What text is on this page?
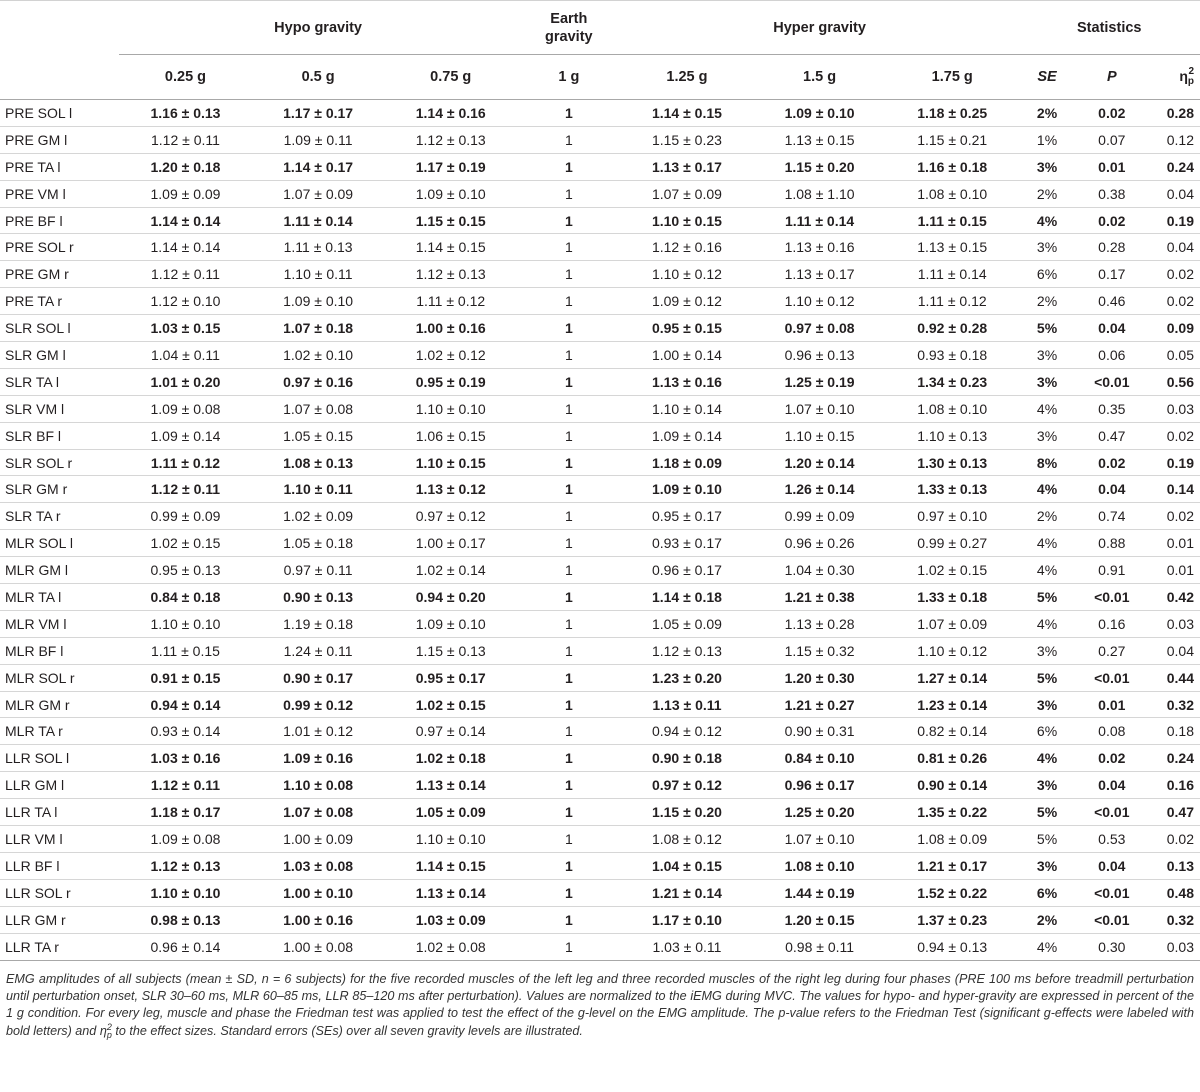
	Hypo gravity			Earth gravity	Hyper gravity			Statistics		
	0.25 g	0.5 g	0.75 g	1 g	1.25 g	1.5 g	1.75 g	SE	P	η 2
p

PRE SOL l	1.16 ± 0.13	1.17 ± 0.17	1.14 ± 0.16	1	1.14 ± 0.15	1.09 ± 0.10	1.18 ± 0.25	2%	0.02	0.28
PRE GM l	1.12 ± 0.11	1.09 ± 0.11	1.12 ± 0.13	1	1.15 ± 0.23	1.13 ± 0.15	1.15 ± 0.21	1%	0.07	0.12
PRE TA l	1.20 ± 0.18	1.14 ± 0.17	1.17 ± 0.19	1	1.13 ± 0.17	1.15 ± 0.20	1.16 ± 0.18	3%	0.01	0.24
PRE VM l	1.09 ± 0.09	1.07 ± 0.09	1.09 ± 0.10	1	1.07 ± 0.09	1.08 ± 1.10	1.08 ± 0.10	2%	0.38	0.04
PRE BF l	1.14 ± 0.14	1.11 ± 0.14	1.15 ± 0.15	1	1.10 ± 0.15	1.11 ± 0.14	1.11 ± 0.15	4%	0.02	0.19
PRE SOL r	1.14 ± 0.14	1.11 ± 0.13	1.14 ± 0.15	1	1.12 ± 0.16	1.13 ± 0.16	1.13 ± 0.15	3%	0.28	0.04
PRE GM r	1.12 ± 0.11	1.10 ± 0.11	1.12 ± 0.13	1	1.10 ± 0.12	1.13 ± 0.17	1.11 ± 0.14	6%	0.17	0.02
PRE TA r	1.12 ± 0.10	1.09 ± 0.10	1.11 ± 0.12	1	1.09 ± 0.12	1.10 ± 0.12	1.11 ± 0.12	2%	0.46	0.02
SLR SOL l	1.03 ± 0.15	1.07 ± 0.18	1.00 ± 0.16	1	0.95 ± 0.15	0.97 ± 0.08	0.92 ± 0.28	5%	0.04	0.09
SLR GM l	1.04 ± 0.11	1.02 ± 0.10	1.02 ± 0.12	1	1.00 ± 0.14	0.96 ± 0.13	0.93 ± 0.18	3%	0.06	0.05
SLR TA l	1.01 ± 0.20	0.97 ± 0.16	0.95 ± 0.19	1	1.13 ± 0.16	1.25 ± 0.19	1.34 ± 0.23	3%	<0.01	0.56
SLR VM l	1.09 ± 0.08	1.07 ± 0.08	1.10 ± 0.10	1	1.10 ± 0.14	1.07 ± 0.10	1.08 ± 0.10	4%	0.35	0.03
SLR BF l	1.09 ± 0.14	1.05 ± 0.15	1.06 ± 0.15	1	1.09 ± 0.14	1.10 ± 0.15	1.10 ± 0.13	3%	0.47	0.02
SLR SOL r	1.11 ± 0.12	1.08 ± 0.13	1.10 ± 0.15	1	1.18 ± 0.09	1.20 ± 0.14	1.30 ± 0.13	8%	0.02	0.19
SLR GM r	1.12 ± 0.11	1.10 ± 0.11	1.13 ± 0.12	1	1.09 ± 0.10	1.26 ± 0.14	1.33 ± 0.13	4%	0.04	0.14
SLR TA r	0.99 ± 0.09	1.02 ± 0.09	0.97 ± 0.12	1	0.95 ± 0.17	0.99 ± 0.09	0.97 ± 0.10	2%	0.74	0.02
MLR SOL l	1.02 ± 0.15	1.05 ± 0.18	1.00 ± 0.17	1	0.93 ± 0.17	0.96 ± 0.26	0.99 ± 0.27	4%	0.88	0.01
MLR GM l	0.95 ± 0.13	0.97 ± 0.11	1.02 ± 0.14	1	0.96 ± 0.17	1.04 ± 0.30	1.02 ± 0.15	4%	0.91	0.01
MLR TA l	0.84 ± 0.18	0.90 ± 0.13	0.94 ± 0.20	1	1.14 ± 0.18	1.21 ± 0.38	1.33 ± 0.18	5%	<0.01	0.42
MLR VM l	1.10 ± 0.10	1.19 ± 0.18	1.09 ± 0.10	1	1.05 ± 0.09	1.13 ± 0.28	1.07 ± 0.09	4%	0.16	0.03
MLR BF l	1.11 ± 0.15	1.24 ± 0.11	1.15 ± 0.13	1	1.12 ± 0.13	1.15 ± 0.32	1.10 ± 0.12	3%	0.27	0.04
MLR SOL r	0.91 ± 0.15	0.90 ± 0.17	0.95 ± 0.17	1	1.23 ± 0.20	1.20 ± 0.30	1.27 ± 0.14	5%	<0.01	0.44
MLR GM r	0.94 ± 0.14	0.99 ± 0.12	1.02 ± 0.15	1	1.13 ± 0.11	1.21 ± 0.27	1.23 ± 0.14	3%	0.01	0.32
MLR TA r	0.93 ± 0.14	1.01 ± 0.12	0.97 ± 0.14	1	0.94 ± 0.12	0.90 ± 0.31	0.82 ± 0.14	6%	0.08	0.18
LLR SOL l	1.03 ± 0.16	1.09 ± 0.16	1.02 ± 0.18	1	0.90 ± 0.18	0.84 ± 0.10	0.81 ± 0.26	4%	0.02	0.24
LLR GM l	1.12 ± 0.11	1.10 ± 0.08	1.13 ± 0.14	1	0.97 ± 0.12	0.96 ± 0.17	0.90 ± 0.14	3%	0.04	0.16
LLR TA l	1.18 ± 0.17	1.07 ± 0.08	1.05 ± 0.09	1	1.15 ± 0.20	1.25 ± 0.20	1.35 ± 0.22	5%	<0.01	0.47
LLR VM l	1.09 ± 0.08	1.00 ± 0.09	1.10 ± 0.10	1	1.08 ± 0.12	1.07 ± 0.10	1.08 ± 0.09	5%	0.53	0.02
LLR BF l	1.12 ± 0.13	1.03 ± 0.08	1.14 ± 0.15	1	1.04 ± 0.15	1.08 ± 0.10	1.21 ± 0.17	3%	0.04	0.13
LLR SOL r	1.10 ± 0.10	1.00 ± 0.10	1.13 ± 0.14	1	1.21 ± 0.14	1.44 ± 0.19	1.52 ± 0.22	6%	<0.01	0.48
LLR GM r	0.98 ± 0.13	1.00 ± 0.16	1.03 ± 0.09	1	1.17 ± 0.10	1.20 ± 0.15	1.37 ± 0.23	2%	<0.01	0.32
LLR TA r	0.96 ± 0.14	1.00 ± 0.08	1.02 ± 0.08	1	1.03 ± 0.11	0.98 ± 0.11	0.94 ± 0.13	4%	0.30	0.03

EMG amplitudes of all subjects (mean ± SD, n = 6 subjects) for the five recorded muscles of the left leg and three recorded muscles of the right leg during four phases (PRE 100 ms before treadmill perturbation until perturbation onset, SLR 30–60 ms, MLR 60–85 ms, LLR 85–120 ms after perturbation). Values are normalized to the iEMG during MVC. The values for hypo- and hyper-gravity are expressed in percent of the 1 g condition. For every leg, muscle and phase the Friedman test was applied to test the effect of the g-level on the EMG amplitude. The p-value refers to the Friedman Test (significant g-effects were labeled with bold letters) and η 2
p to the effect sizes. Standard errors (SEs) over all seven gravity levels are illustrated.
